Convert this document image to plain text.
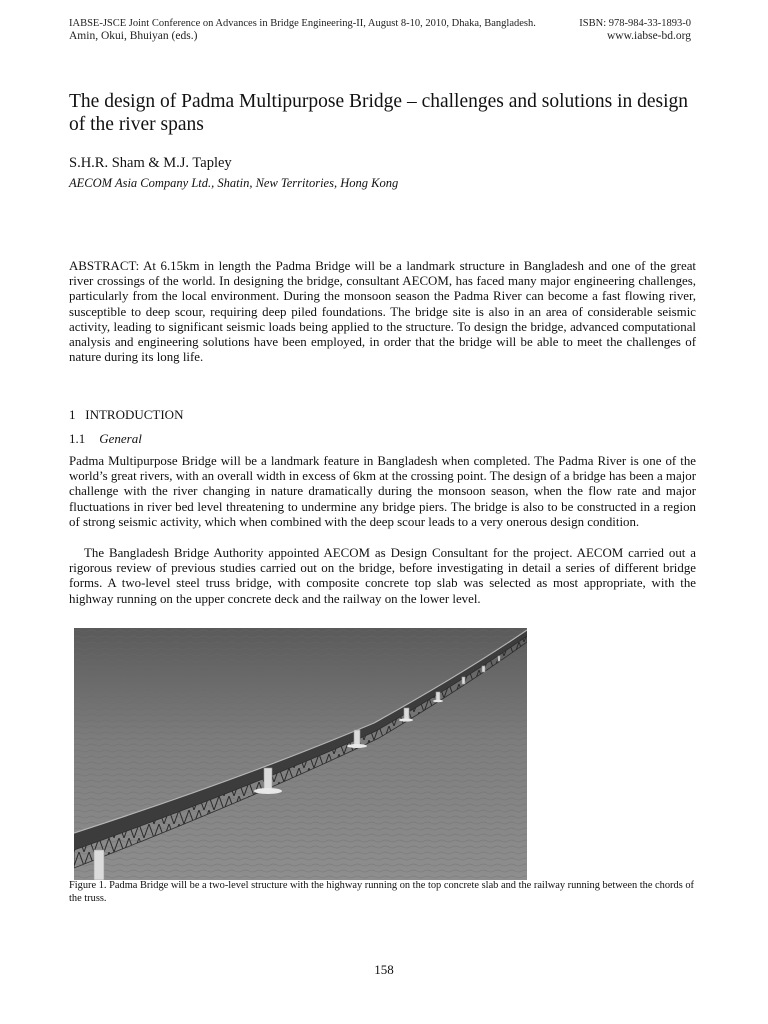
IABSE-JSCE Joint Conference on Advances in Bridge Engineering-II, August 8-10, 2010, Dhaka, Bangladesh.
Amin, Okui, Bhuiyan (eds.)
ISBN: 978-984-33-1893-0
www.iabse-bd.org
The design of Padma Multipurpose Bridge – challenges and solutions in design of the river spans
S.H.R. Sham & M.J. Tapley
AECOM Asia Company Ltd., Shatin, New Territories, Hong Kong
ABSTRACT: At 6.15km in length the Padma Bridge will be a landmark structure in Bangladesh and one of the great river crossings of the world. In designing the bridge, consultant AECOM, has faced many major engineering challenges, particularly from the local environment. During the monsoon season the Padma River can become a fast flowing river, susceptible to deep scour, requiring deep piled foundations. The bridge site is also in an area of considerable seismic activity, leading to significant seismic loads being applied to the structure. To design the bridge, advanced computational analysis and engineering solutions have been employed, in order that the bridge will be able to meet the challenges of nature during its long life.
1 INTRODUCTION
1.1 General
Padma Multipurpose Bridge will be a landmark feature in Bangladesh when completed. The Padma River is one of the world’s great rivers, with an overall width in excess of 6km at the crossing point. The design of a bridge has been a major challenge with the river changing in nature dramatically during the monsoon season, when the flow rate and major fluctuations in river bed level threatening to undermine any bridge piers. The bridge is also to be constructed in a region of strong seismic activity, which when combined with the deep scour leads to a very onerous design condition.
The Bangladesh Bridge Authority appointed AECOM as Design Consultant for the project. AECOM carried out a rigorous review of previous studies carried out on the bridge, before investigating in detail a series of different bridge forms. A two-level steel truss bridge, with composite concrete top slab was selected as most appropriate, with the highway running on the upper concrete deck and the railway on the lower level.
Figure 1. Padma Bridge will be a two-level structure with the highway running on the top concrete slab and the railway running between the chords of the truss.
158
